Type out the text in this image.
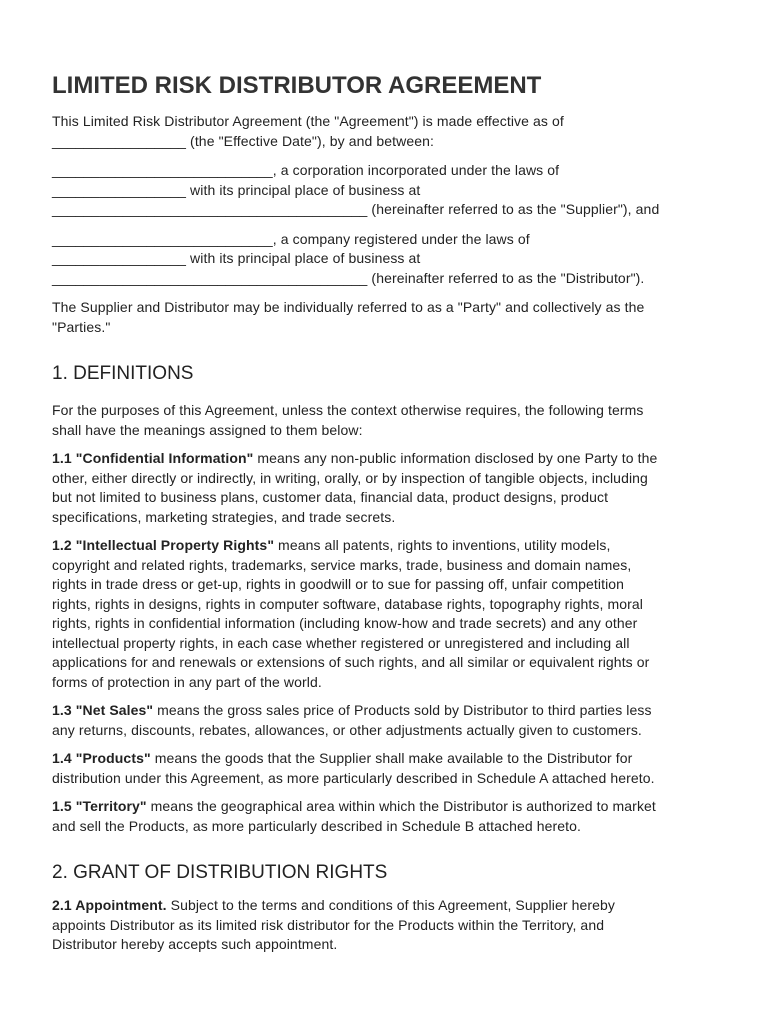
LIMITED RISK DISTRIBUTOR AGREEMENT

This Limited Risk Distributor Agreement (the "Agreement") is made effective as of
_________________ (the "Effective Date"), by and between:

____________________________, a corporation incorporated under the laws of
_________________ with its principal place of business at
________________________________________ (hereinafter referred to as the "Supplier"), and

____________________________, a company registered under the laws of
_________________ with its principal place of business at
________________________________________ (hereinafter referred to as the "Distributor").

The Supplier and Distributor may be individually referred to as a "Party" and collectively as the
"Parties."

1. DEFINITIONS

For the purposes of this Agreement, unless the context otherwise requires, the following terms
shall have the meanings assigned to them below:

1.1 "Confidential Information" means any non-public information disclosed by one Party to the
other, either directly or indirectly, in writing, orally, or by inspection of tangible objects, including
but not limited to business plans, customer data, financial data, product designs, product
specifications, marketing strategies, and trade secrets.

1.2 "Intellectual Property Rights" means all patents, rights to inventions, utility models,
copyright and related rights, trademarks, service marks, trade, business and domain names,
rights in trade dress or get-up, rights in goodwill or to sue for passing off, unfair competition
rights, rights in designs, rights in computer software, database rights, topography rights, moral
rights, rights in confidential information (including know-how and trade secrets) and any other
intellectual property rights, in each case whether registered or unregistered and including all
applications for and renewals or extensions of such rights, and all similar or equivalent rights or
forms of protection in any part of the world.

1.3 "Net Sales" means the gross sales price of Products sold by Distributor to third parties less
any returns, discounts, rebates, allowances, or other adjustments actually given to customers.

1.4 "Products" means the goods that the Supplier shall make available to the Distributor for
distribution under this Agreement, as more particularly described in Schedule A attached hereto.

1.5 "Territory" means the geographical area within which the Distributor is authorized to market
and sell the Products, as more particularly described in Schedule B attached hereto.

2. GRANT OF DISTRIBUTION RIGHTS

2.1 Appointment. Subject to the terms and conditions of this Agreement, Supplier hereby
appoints Distributor as its limited risk distributor for the Products within the Territory, and
Distributor hereby accepts such appointment.
